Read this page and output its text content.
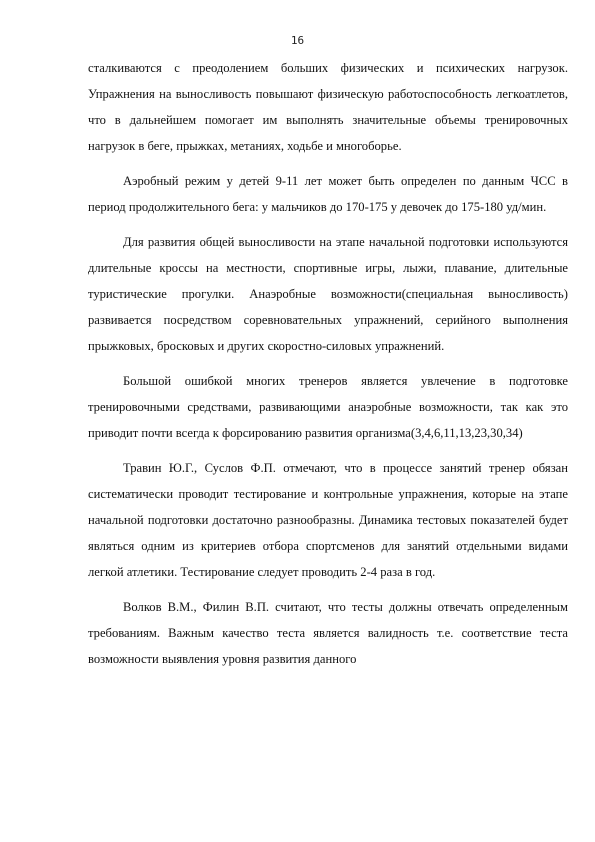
16

сталкиваются с преодолением больших физических и психических нагрузок. Упражнения на выносливость повышают физическую работоспособность легкоатлетов, что в дальнейшем помогает им выполнять значительные объемы тренировочных нагрузок в беге, прыжках, метаниях, ходьбе и многоборье.

Аэробный режим у детей 9-11 лет может быть определен по данным ЧСС в период продолжительного бега: у мальчиков до 170-175 у девочек до 175-180 уд/мин.

Для развития общей выносливости на этапе начальной подготовки используются длительные кроссы на местности, спортивные игры, лыжи, плавание, длительные туристические прогулки. Анаэробные возможности(специальная выносливость) развивается посредством соревновательных упражнений, серийного выполнения прыжковых, бросковых и других скоростно-силовых упражнений.

Большой ошибкой многих тренеров является увлечение в подготовке тренировочными средствами, развивающими анаэробные возможности, так как это приводит почти всегда к форсированию развития организма(3,4,6,11,13,23,30,34)

Травин Ю.Г., Суслов Ф.П. отмечают, что в процессе занятий тренер обязан систематически проводит тестирование и контрольные упражнения, которые на этапе начальной подготовки достаточно разнообразны. Динамика тестовых показателей будет являться одним из критериев отбора спортсменов для занятий отдельными видами легкой атлетики. Тестирование следует проводить 2-4 раза в год.

Волков В.М., Филин В.П. считают, что тесты должны отвечать определенным требованиям. Важным качество теста является валидность т.е. соответствие теста возможности выявления уровня развития данного
